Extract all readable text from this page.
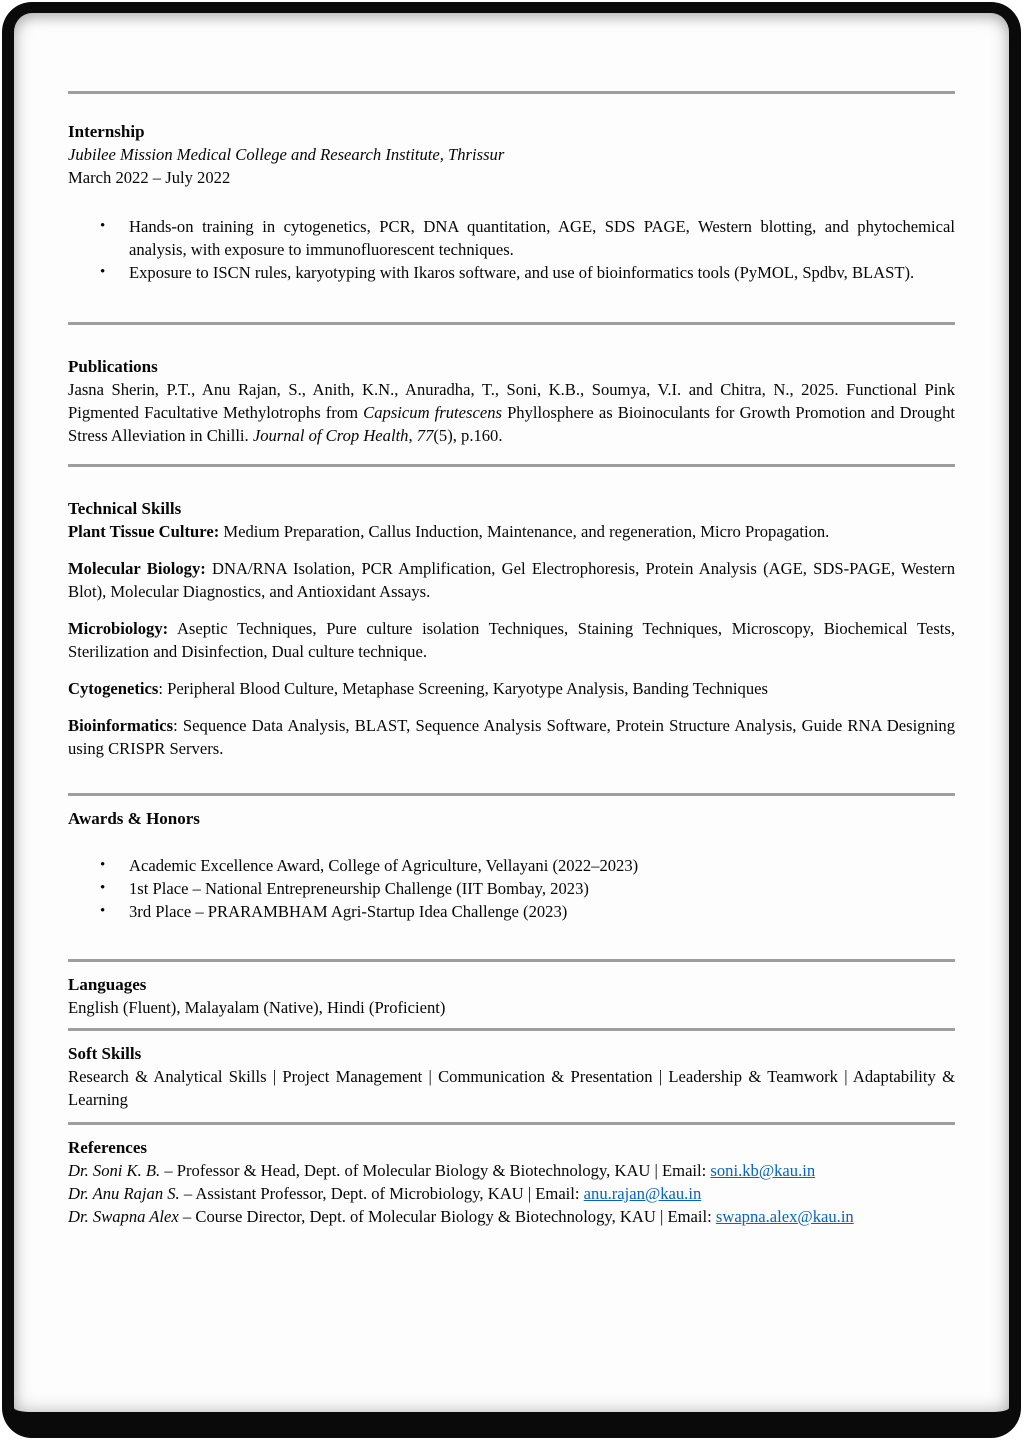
Internship

Jubilee Mission Medical College and Research Institute, Thrissur

March 2022 – July 2022

• Hands-on training in cytogenetics, PCR, DNA quantitation, AGE, SDS PAGE, Western blotting, and phytochemical analysis, with exposure to immunofluorescent techniques.
• Exposure to ISCN rules, karyotyping with Ikaros software, and use of bioinformatics tools (PyMOL, Spdbv, BLAST).
Publications

Jasna Sherin, P.T., Anu Rajan, S., Anith, K.N., Anuradha, T., Soni, K.B., Soumya, V.I. and Chitra, N., 2025. Functional Pink Pigmented Facultative Methylotrophs from Capsicum frutescens Phyllosphere as Bioinoculants for Growth Promotion and Drought Stress Alleviation in Chilli. Journal of Crop Health, 77(5), p.160.

Technical Skills

Plant Tissue Culture: Medium Preparation, Callus Induction, Maintenance, and regeneration, Micro Propagation.

Molecular Biology: DNA/RNA Isolation, PCR Amplification, Gel Electrophoresis, Protein Analysis (AGE, SDS-PAGE, Western Blot), Molecular Diagnostics, and Antioxidant Assays.

Microbiology: Aseptic Techniques, Pure culture isolation Techniques, Staining Techniques, Microscopy, Biochemical Tests, Sterilization and Disinfection, Dual culture technique.

Cytogenetics: Peripheral Blood Culture, Metaphase Screening, Karyotype Analysis, Banding Techniques

Bioinformatics: Sequence Data Analysis, BLAST, Sequence Analysis Software, Protein Structure Analysis, Guide RNA Designing using CRISPR Servers.

Awards & Honors
• Academic Excellence Award, College of Agriculture, Vellayani (2022–2023)
• 1st Place – National Entrepreneurship Challenge (IIT Bombay, 2023)
• 3rd Place – PRARAMBHAM Agri-Startup Idea Challenge (2023)
Languages

English (Fluent), Malayalam (Native), Hindi (Proficient)

Soft Skills

Research & Analytical Skills | Project Management | Communication & Presentation | Leadership & Teamwork | Adaptability & Learning

References

Dr. Soni K. B. – Professor & Head, Dept. of Molecular Biology & Biotechnology, KAU | Email: soni.kb@kau.in

Dr. Anu Rajan S. – Assistant Professor, Dept. of Microbiology, KAU | Email: anu.rajan@kau.in

Dr. Swapna Alex – Course Director, Dept. of Molecular Biology & Biotechnology, KAU | Email: swapna.alex@kau.in
